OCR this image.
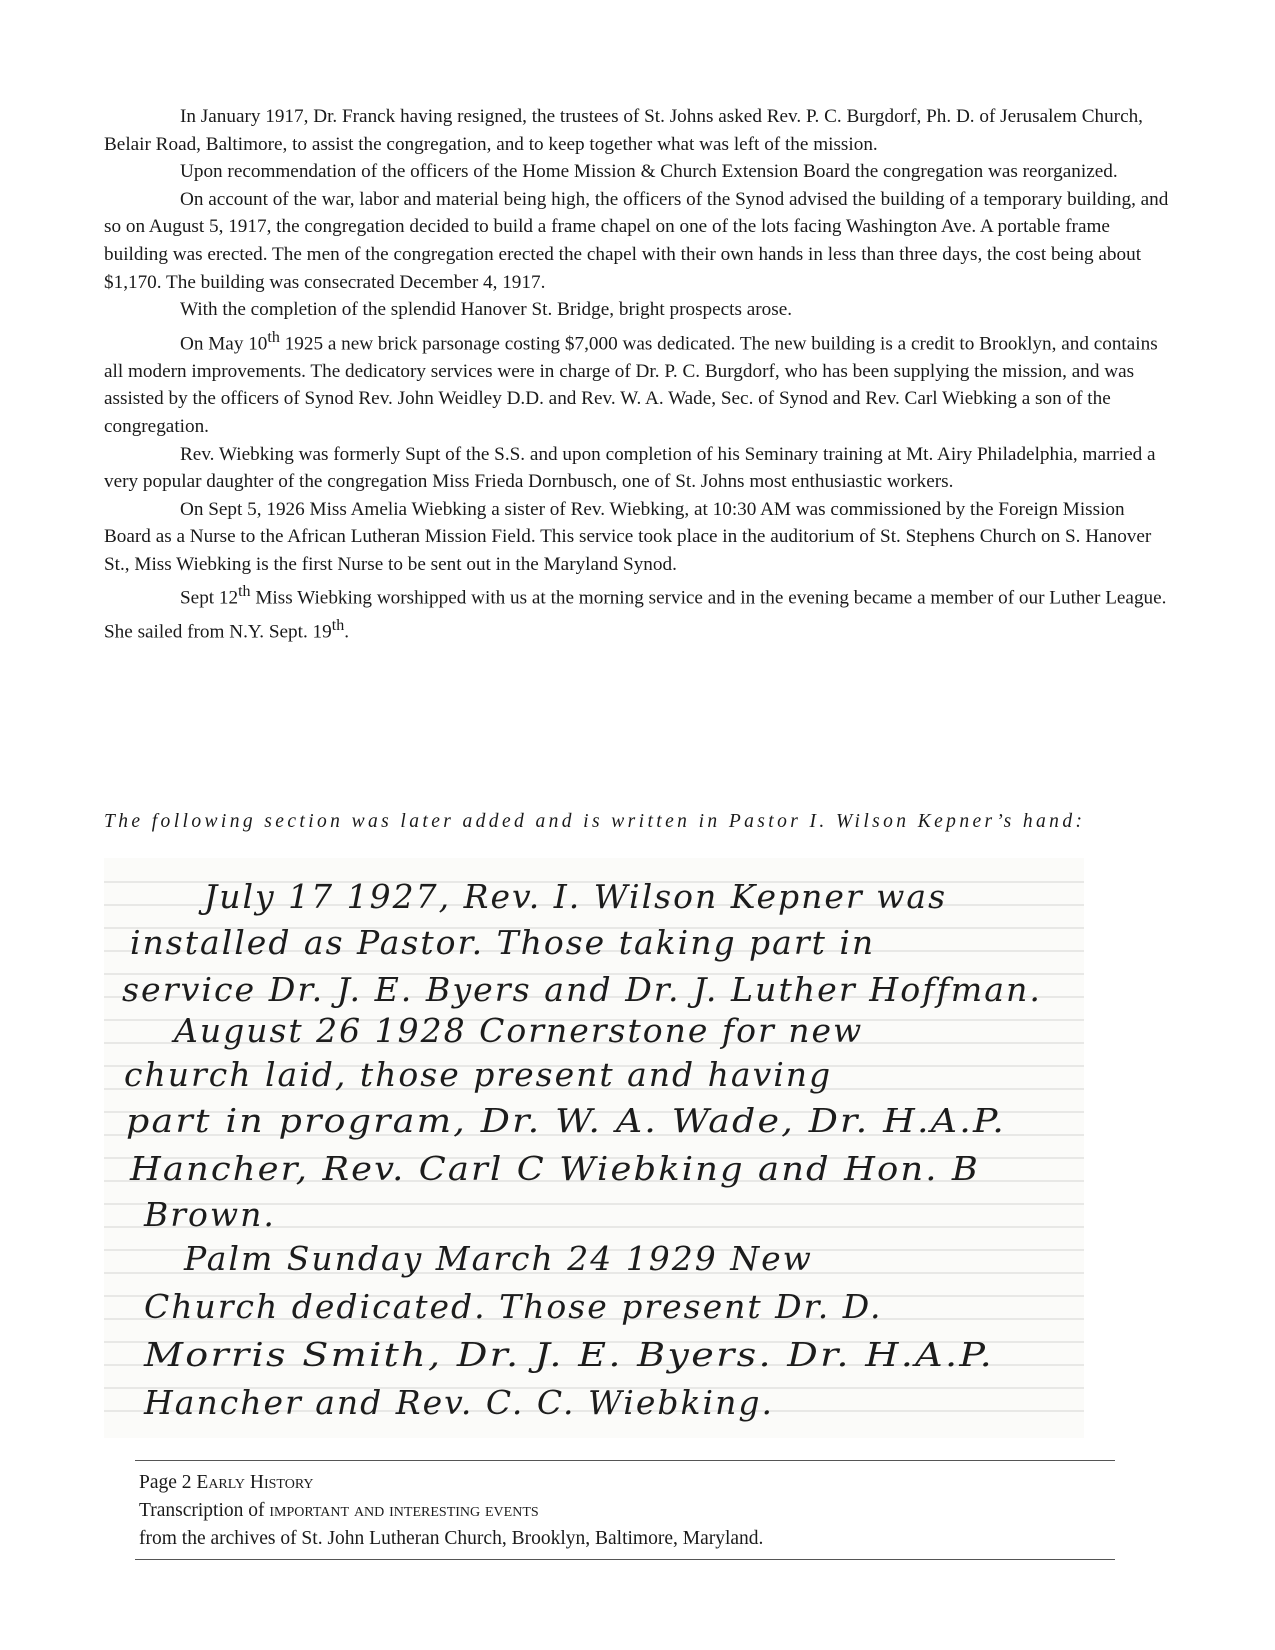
In January 1917, Dr. Franck having resigned, the trustees of St. Johns asked Rev. P. C. Burgdorf, Ph. D. of Jerusalem Church, Belair Road, Baltimore, to assist the congregation, and to keep together what was left of the mission.

Upon recommendation of the officers of the Home Mission & Church Extension Board the congregation was reorganized.

On account of the war, labor and material being high, the officers of the Synod advised the building of a temporary building, and so on August 5, 1917, the congregation decided to build a frame chapel on one of the lots facing Washington Ave. A portable frame building was erected. The men of the congregation erected the chapel with their own hands in less than three days, the cost being about $1,170. The building was consecrated December 4, 1917.

With the completion of the splendid Hanover St. Bridge, bright prospects arose.

On May 10th 1925 a new brick parsonage costing $7,000 was dedicated. The new building is a credit to Brooklyn, and contains all modern improvements. The dedicatory services were in charge of Dr. P. C. Burgdorf, who has been supplying the mission, and was assisted by the officers of Synod Rev. John Weidley D.D. and Rev. W. A. Wade, Sec. of Synod and Rev. Carl Wiebking a son of the congregation.

Rev. Wiebking was formerly Supt of the S.S. and upon completion of his Seminary training at Mt. Airy Philadelphia, married a very popular daughter of the congregation Miss Frieda Dornbusch, one of St. Johns most enthusiastic workers.

On Sept 5, 1926 Miss Amelia Wiebking a sister of Rev. Wiebking, at 10:30 AM was commissioned by the Foreign Mission Board as a Nurse to the African Lutheran Mission Field. This service took place in the auditorium of St. Stephens Church on S. Hanover St., Miss Wiebking is the first Nurse to be sent out in the Maryland Synod.

Sept 12th Miss Wiebking worshipped with us at the morning service and in the evening became a member of our Luther League. She sailed from N.Y. Sept. 19th.

The following section was later added and is written in Pastor I. Wilson Kepner’s hand:
July 17 1927, Rev. I. Wilson Kepner was
installed as Pastor. Those taking part in
service Dr. J. E. Byers and Dr. J. Luther Hoffman.
August 26 1928 Cornerstone for new
church laid, those present and having
part in program, Dr. W. A. Wade, Dr. H.A.P.
Hancher, Rev. Carl C Wiebking and Hon. B
Brown.
Palm Sunday March 24 1929 New
Church dedicated. Those present Dr. D.
Morris Smith, Dr. J. E. Byers. Dr. H.A.P.
Hancher and Rev. C. C. Wiebking.
Page 2 Early History
Transcription of important and interesting events
from the archives of St. John Lutheran Church, Brooklyn, Baltimore, Maryland.
